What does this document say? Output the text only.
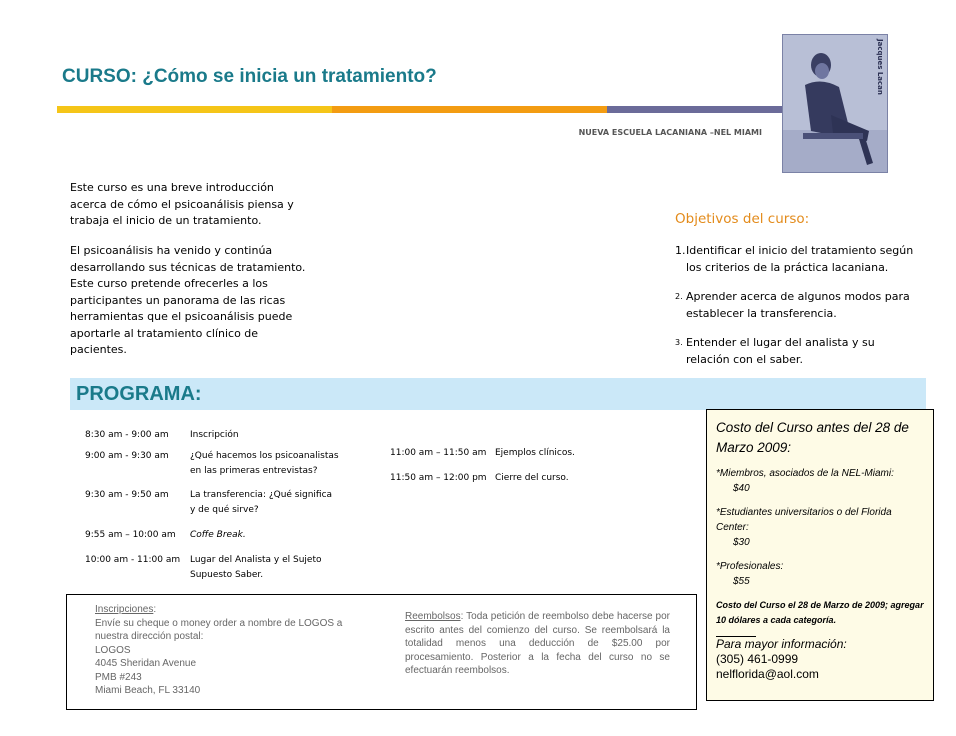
CURSO: ¿Cómo se inicia un tratamiento?
NUEVA ESCUELA LACANIANA –NEL MIAMI
Jacques Lacan
Este curso es una breve introducción
acerca de cómo el psicoanálisis piensa y
trabaja el inicio de un tratamiento.
El psicoanálisis ha venido y continúa
desarrollando sus técnicas de tratamiento.
Este curso pretende ofrecerles a los
participantes un panorama de las ricas
herramientas que el psicoanálisis puede
aportarle al tratamiento clínico de
pacientes.
Objetivos del curso:
1. Identificar el inicio del tratamiento según
los criterios de la práctica lacaniana.
2. Aprender acerca de algunos modos para
establecer la transferencia.
3. Entender el lugar del analista y su
relación con el saber.
PROGRAMA:
8:30 am - 9:00 am Inscripción
9:00 am - 9:30 am ¿Qué hacemos los psicoanalistas
en las primeras entrevistas?
9:30 am - 9:50 am La transferencia: ¿Qué significa
y de qué sirve?
9:55 am – 10:00 am Coffe Break.
10:00 am - 11:00 am Lugar del Analista y el Sujeto
Supuesto Saber.
11:00 am – 11:50 am Ejemplos clínicos.
11:50 am – 12:00 pm Cierre del curso.
Costo del Curso antes del 28 de Marzo 2009:
*Miembros, asociados de la NEL-Miami:
$40
*Estudiantes universitarios o del Florida Center:
$30
*Profesionales:
$55
Costo del Curso el 28 de Marzo de 2009; agregar 10 dólares a cada categoría.
Para mayor información:
(305) 461-0999
nelflorida@aol.com
Inscripciones:
Envíe su cheque o money order a nombre de LOGOS a
nuestra dirección postal:
LOGOS
4045 Sheridan Avenue
PMB #243
Miami Beach, FL 33140
Reembolsos: Toda petición de reembolso debe hacerse por escrito antes del comienzo del curso. Se reembolsará la totalidad menos una deducción de $25.00 por procesamiento. Posterior a la fecha del curso no se efectuarán reembolsos.
